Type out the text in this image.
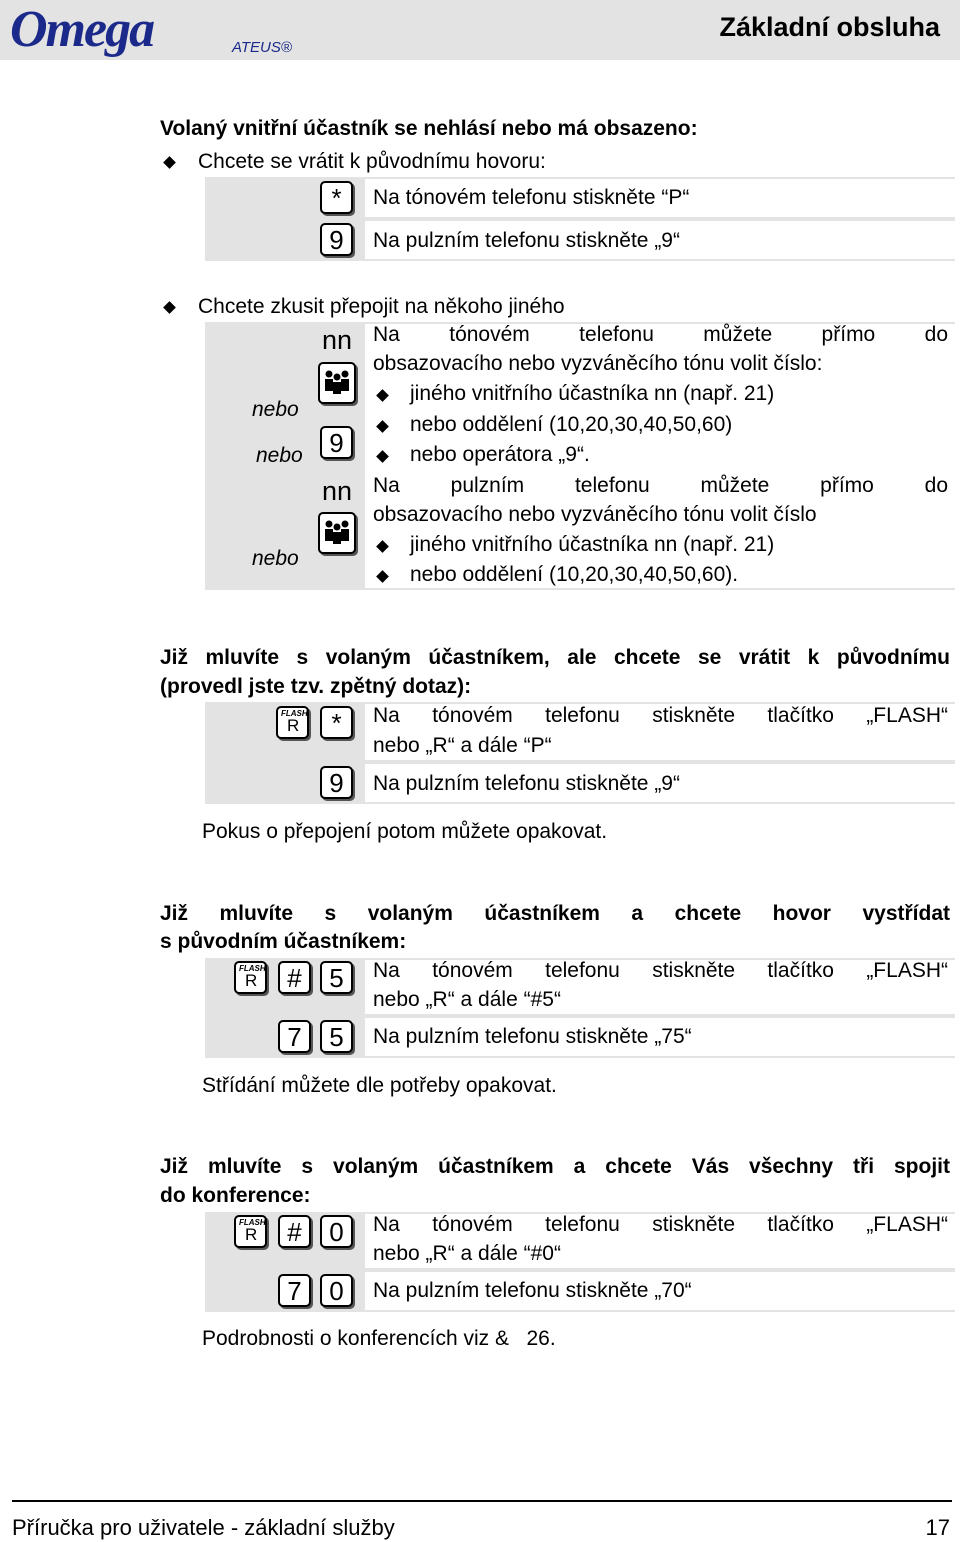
Omega	ATEUS®
Základní obsluha
Volaný vnitřní účastník se nehlásí nebo má obsazeno:
Chcete se vrátit k původnímu hovoru:
* Na tónovém telefonu stiskněte “P“
9 Na pulzním telefonu stiskněte „9“
Chcete zkusit přepojit na někoho jiného
nn
nebo
9
nebo
nn
nebo
Na tónovém telefonu můžete přímo do
obsazovacího nebo vyzváněcího tónu volit číslo:
jiného vnitřního účastníka nn (např. 21)
nebo oddělení (10,20,30,40,50,60)
nebo operátora „9“.
Na pulzním telefonu můžete přímo do
obsazovacího nebo vyzváněcího tónu volit číslo
jiného vnitřního účastníka nn (např. 21)
nebo oddělení (10,20,30,40,50,60).
Již mluvíte s volaným účastníkem, ale chcete se vrátit k původnímu
(provedl jste tzv. zpětný dotaz):
FLASH
R * Na tónovém telefonu stiskněte tlačítko „FLASH“
nebo „R“ a dále “P“
9 Na pulzním telefonu stiskněte „9“
Pokus o přepojení potom můžete opakovat.
Již mluvíte s volaným účastníkem a chcete hovor vystřídat
s původním účastníkem:
FLASH
R # 5 Na tónovém telefonu stiskněte tlačítko „FLASH“
nebo „R“ a dále “#5“
7 5 Na pulzním telefonu stiskněte „75“
Střídání můžete dle potřeby opakovat.
Již mluvíte s volaným účastníkem a chcete Vás všechny tři spojit
do konference:
FLASH
R # 0 Na tónovém telefonu stiskněte tlačítko „FLASH“
nebo „R“ a dále “#0“
7 0 Na pulzním telefonu stiskněte „70“
Podrobnosti o konferencích viz &   26.
Příručka pro uživatele - základní služby	17
